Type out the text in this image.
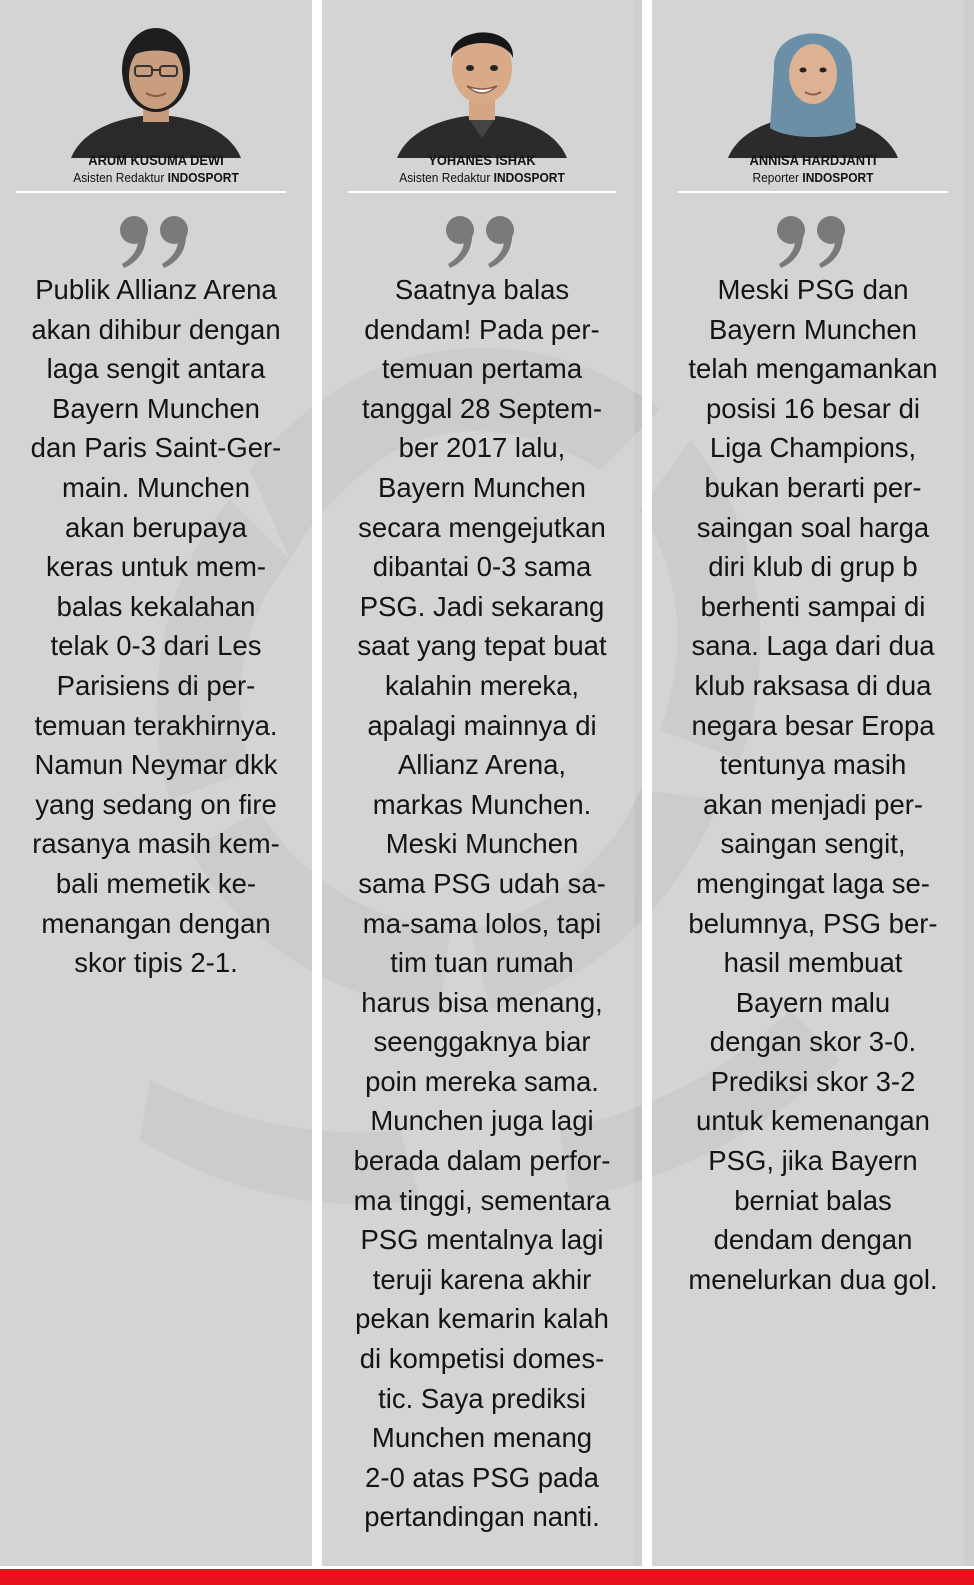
ARUM KUSUMA DEWI
Asisten Redaktur INDOSPORT
Publik Allianz Arena
akan dihibur dengan
laga sengit antara
Bayern Munchen
dan Paris Saint-Ger-
main. Munchen
akan berupaya
keras untuk mem-
balas kekalahan
telak 0-3 dari Les
Parisiens di per-
temuan terakhirnya.
Namun Neymar dkk
yang sedang on fire
rasanya masih kem-
bali memetik ke-
menangan dengan
skor tipis 2-1.
YOHANES ISHAK
Asisten Redaktur INDOSPORT
Saatnya balas
dendam! Pada per-
temuan pertama
tanggal 28 Septem-
ber 2017 lalu,
Bayern Munchen
secara mengejutkan
dibantai 0-3 sama
PSG. Jadi sekarang
saat yang tepat buat
kalahin mereka,
apalagi mainnya di
Allianz Arena,
markas Munchen.
Meski Munchen
sama PSG udah sa-
ma-sama lolos, tapi
tim tuan rumah
harus bisa menang,
seenggaknya biar
poin mereka sama.
Munchen juga lagi
berada dalam perfor-
ma tinggi, sementara
PSG mentalnya lagi
teruji karena akhir
pekan kemarin kalah
di kompetisi domes-
tic. Saya prediksi
Munchen menang
2-0 atas PSG pada
pertandingan nanti.
ANNISA HARDJANTI
Reporter INDOSPORT
Meski PSG dan
Bayern Munchen
telah mengamankan
posisi 16 besar di
Liga Champions,
bukan berarti per-
saingan soal harga
diri klub di grup b
berhenti sampai di
sana. Laga dari dua
klub raksasa di dua
negara besar Eropa
tentunya masih
akan menjadi per-
saingan sengit,
mengingat laga se-
belumnya, PSG ber-
hasil membuat
Bayern malu
dengan skor 3-0.
Prediksi skor 3-2
untuk kemenangan
PSG, jika Bayern
berniat balas
dendam dengan
menelurkan dua gol.
